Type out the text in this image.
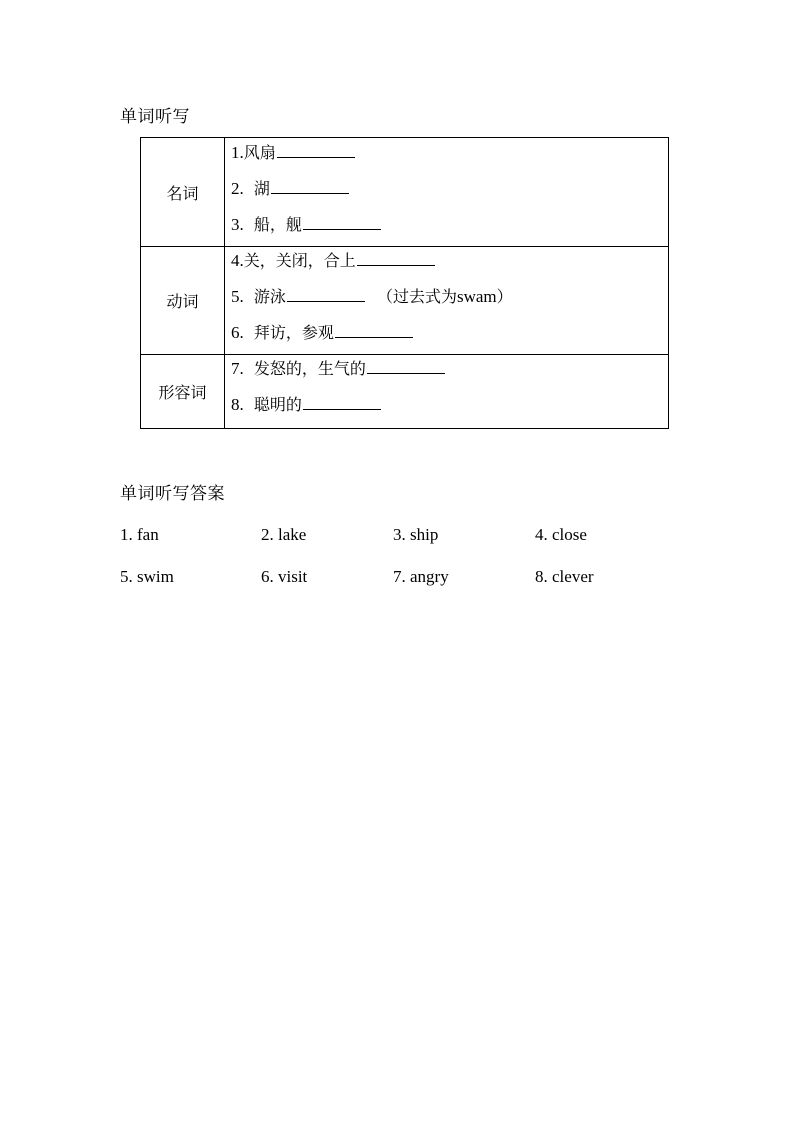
单词听写
名词	1.风扇
2. 湖
3. 船，舰

动词	4.关，关闭，合上
5. 游泳 （过去式为swam）
6. 拜访，参观

形容词	7. 发怒的，生气的
8. 聪明的
单词听写答案
1. fan	2. lake	3. ship	4. close
5. swim	6. visit	7. angry	8. clever
